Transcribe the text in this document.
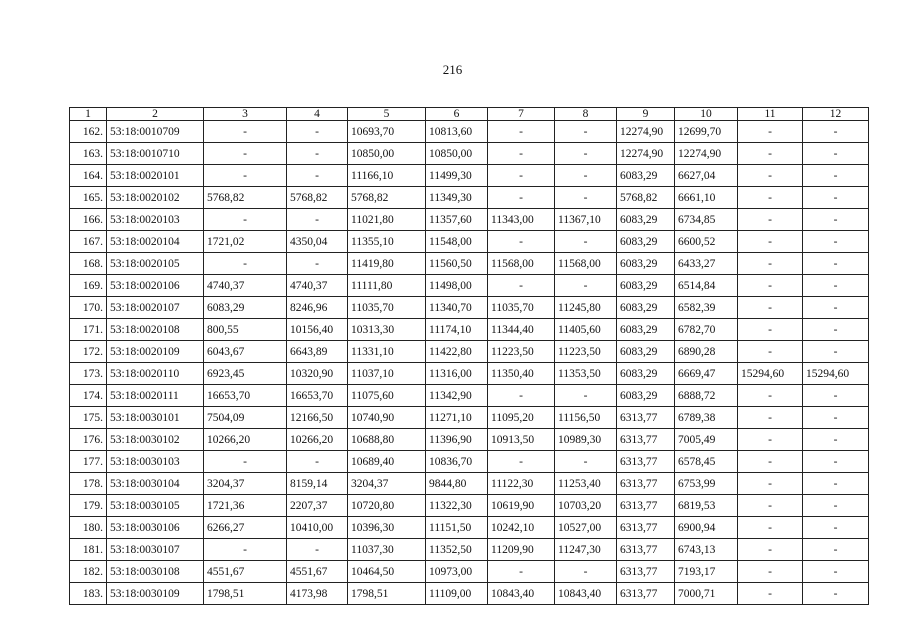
216
1	2	3	4	5	6	7	8	9	10	11	12
162.	53:18:0010709	-	-	10693,70	10813,60	-	-	12274,90	12699,70	-	-
163.	53:18:0010710	-	-	10850,00	10850,00	-	-	12274,90	12274,90	-	-
164.	53:18:0020101	-	-	11166,10	11499,30	-	-	6083,29	6627,04	-	-
165.	53:18:0020102	5768,82	5768,82	5768,82	11349,30	-	-	5768,82	6661,10	-	-
166.	53:18:0020103	-	-	11021,80	11357,60	11343,00	11367,10	6083,29	6734,85	-	-
167.	53:18:0020104	1721,02	4350,04	11355,10	11548,00	-	-	6083,29	6600,52	-	-
168.	53:18:0020105	-	-	11419,80	11560,50	11568,00	11568,00	6083,29	6433,27	-	-
169.	53:18:0020106	4740,37	4740,37	11111,80	11498,00	-	-	6083,29	6514,84	-	-
170.	53:18:0020107	6083,29	8246,96	11035,70	11340,70	11035,70	11245,80	6083,29	6582,39	-	-
171.	53:18:0020108	800,55	10156,40	10313,30	11174,10	11344,40	11405,60	6083,29	6782,70	-	-
172.	53:18:0020109	6043,67	6643,89	11331,10	11422,80	11223,50	11223,50	6083,29	6890,28	-	-
173.	53:18:0020110	6923,45	10320,90	11037,10	11316,00	11350,40	11353,50	6083,29	6669,47	15294,60	15294,60
174.	53:18:0020111	16653,70	16653,70	11075,60	11342,90	-	-	6083,29	6888,72	-	-
175.	53:18:0030101	7504,09	12166,50	10740,90	11271,10	11095,20	11156,50	6313,77	6789,38	-	-
176.	53:18:0030102	10266,20	10266,20	10688,80	11396,90	10913,50	10989,30	6313,77	7005,49	-	-
177.	53:18:0030103	-	-	10689,40	10836,70	-	-	6313,77	6578,45	-	-
178.	53:18:0030104	3204,37	8159,14	3204,37	9844,80	11122,30	11253,40	6313,77	6753,99	-	-
179.	53:18:0030105	1721,36	2207,37	10720,80	11322,30	10619,90	10703,20	6313,77	6819,53	-	-
180.	53:18:0030106	6266,27	10410,00	10396,30	11151,50	10242,10	10527,00	6313,77	6900,94	-	-
181.	53:18:0030107	-	-	11037,30	11352,50	11209,90	11247,30	6313,77	6743,13	-	-
182.	53:18:0030108	4551,67	4551,67	10464,50	10973,00	-	-	6313,77	7193,17	-	-
183.	53:18:0030109	1798,51	4173,98	1798,51	11109,00	10843,40	10843,40	6313,77	7000,71	-	-
